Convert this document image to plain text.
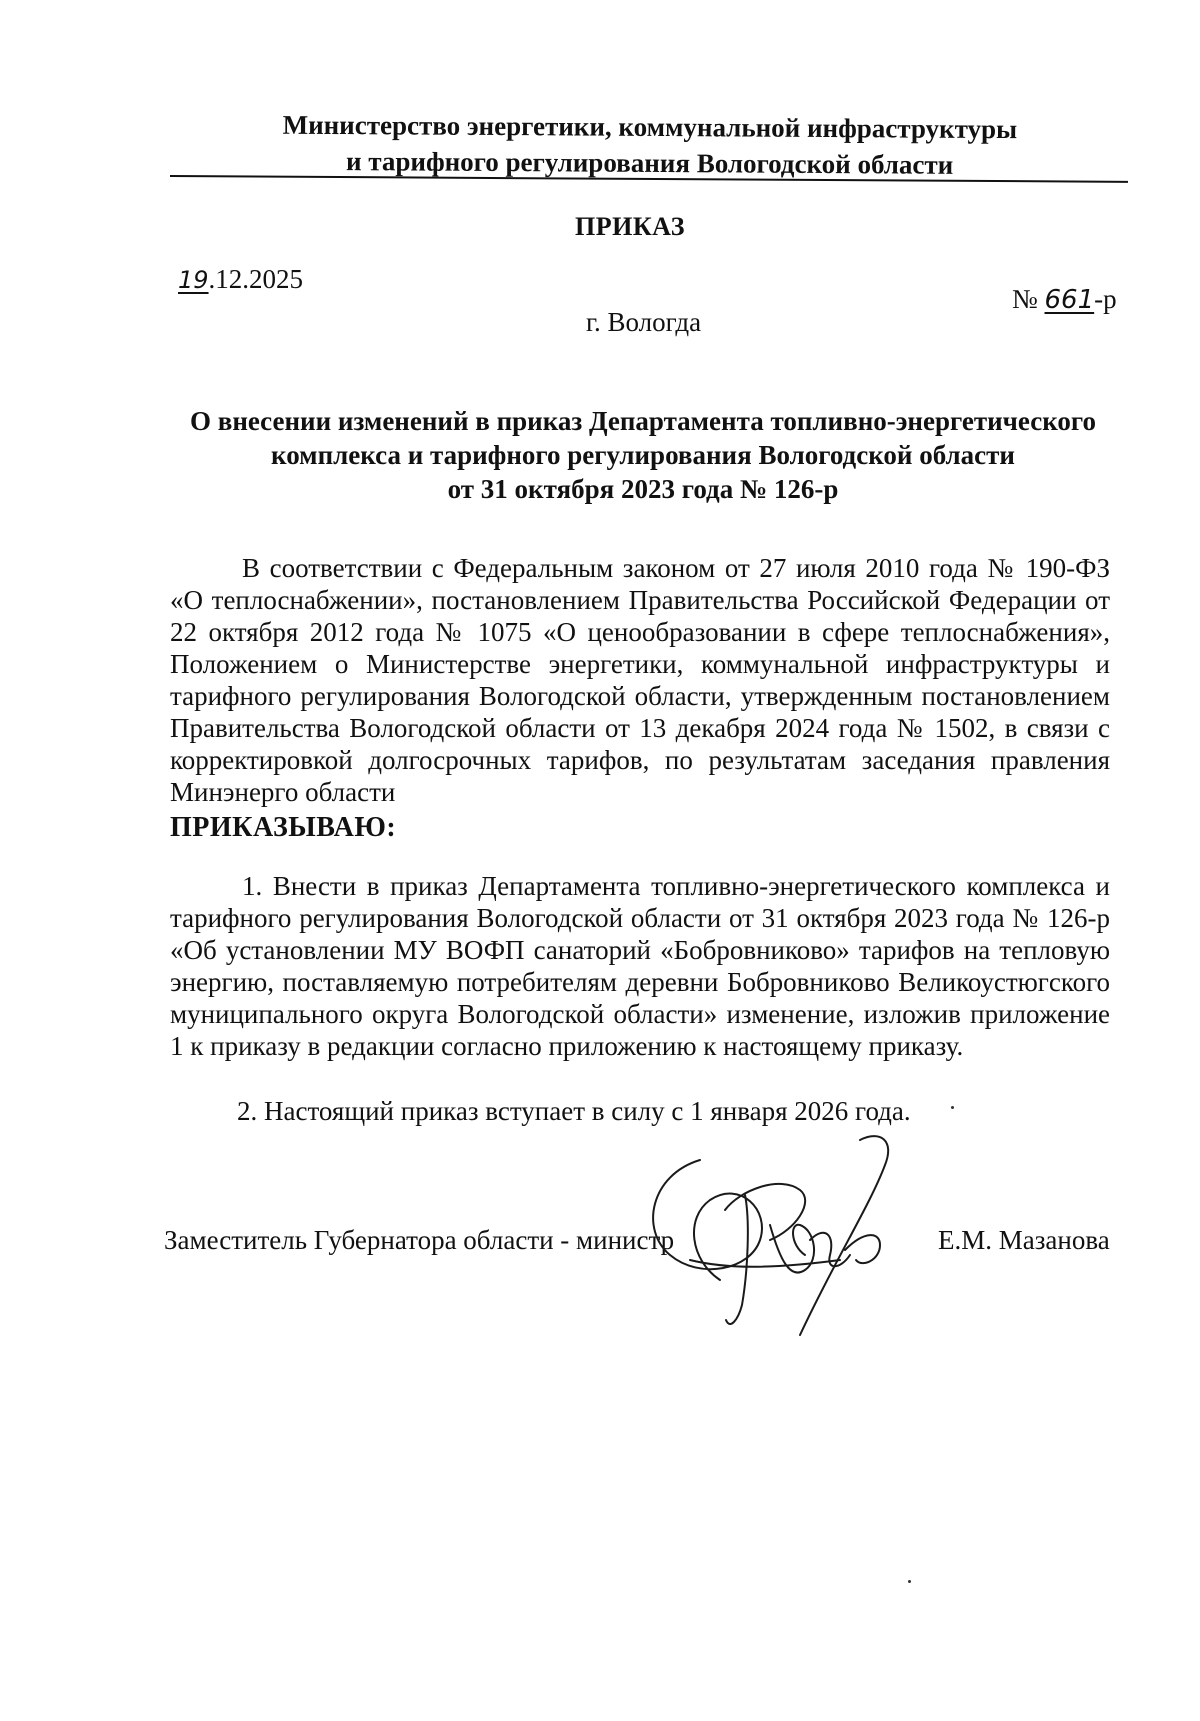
Министерство энергетики, коммунальной инфраструктуры
и тарифного регулирования Вологодской области
ПРИКАЗ
19.12.2025
№ 661-р
г. Вологда
О внесении изменений в приказ Департамента топливно-энергетического
комплекса и тарифного регулирования Вологодской области
от 31 октября 2023 года № 126-р
В соответствии с Федеральным законом от 27 июля 2010 года № 190-ФЗ «О теплоснабжении», постановлением Правительства Российской Федерации от 22 октября 2012 года № 1075 «О ценообразовании в сфере теплоснабжения», Положением о Министерстве энергетики, коммунальной инфраструктуры и тарифного регулирования Вологодской области, утвержденным постановлением Правительства Вологодской области от 13 декабря 2024 года № 1502, в связи с корректировкой долгосрочных тарифов, по результатам заседания правления Минэнерго области
ПРИКАЗЫВАЮ:
1. Внести в приказ Департамента топливно-энергетического комплекса и тарифного регулирования Вологодской области от 31 октября 2023 года № 126-р «Об установлении МУ ВОФП санаторий «Бобровниково» тарифов на тепловую энергию, поставляемую потребителям деревни Бобровниково Великоустюгского муниципального округа Вологодской области» изменение, изложив приложение 1 к приказу в редакции согласно приложению к настоящему приказу.
2. Настоящий приказ вступает в силу с 1 января 2026 года.
Заместитель Губернатора области - министр	Е.М. Мазанова
